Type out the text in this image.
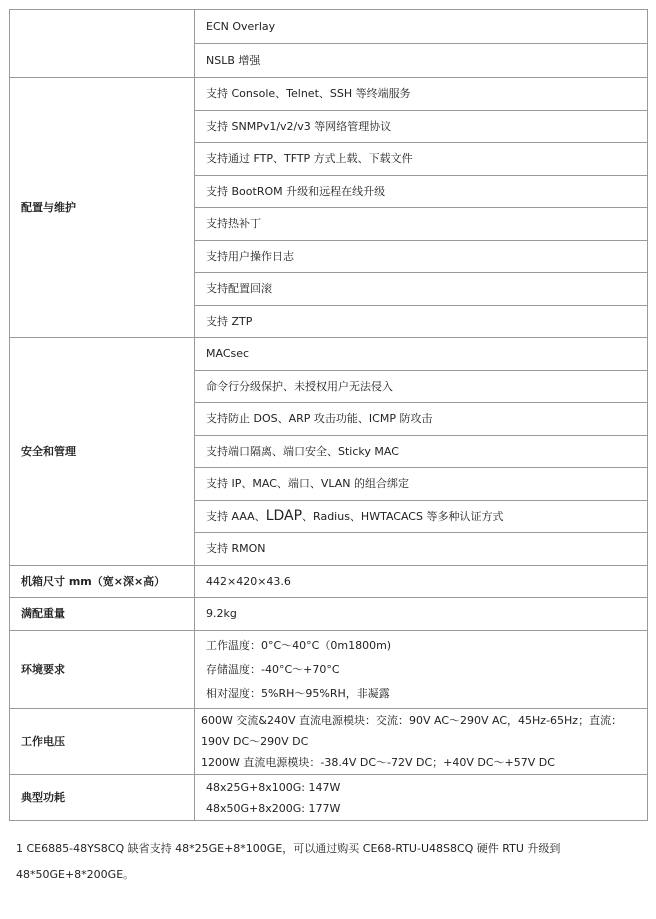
	ECN Overlay
	NSLB 增强
配置与维护	支持 Console、Telnet、SSH 等终端服务
	支持 SNMPv1/v2/v3 等网络管理协议
	支持通过 FTP、TFTP 方式上载、下载文件
	支持 BootROM 升级和远程在线升级
	支持热补丁
	支持用户操作日志
	支持配置回滚
	支持 ZTP
安全和管理	MACsec
	命令行分级保护、未授权用户无法侵入
	支持防止 DOS、ARP 攻击功能、ICMP 防攻击
	支持端口隔离、端口安全、Sticky MAC
	支持 IP、MAC、端口、VLAN 的组合绑定
	支持 AAA、LDAP、Radius、HWTACACS 等多种认证方式
	支持 RMON
机箱尺寸 mm（宽×深×高）	442×420×43.6
满配重量	9.2kg
环境要求	工作温度：0°C～40°C（0m1800m)
存储温度：-40°C～+70°C
相对湿度：5%RH～95%RH，非凝露

工作电压	600W 交流&240V 直流电源模块：交流：90V AC～290V AC，45Hz-65Hz；直流：
190V DC～290V DC
1200W 直流电源模块：-38.4V DC～-72V DC；+40V DC～+57V DC

典型功耗	48x25G+8x100G: 147W
48x50G+8x200G: 177W
1 CE6885-48YS8CQ 缺省支持 48*25GE+8*100GE，可以通过购买 CE68-RTU-U48S8CQ 硬件 RTU 升级到
48*50GE+8*200GE。
